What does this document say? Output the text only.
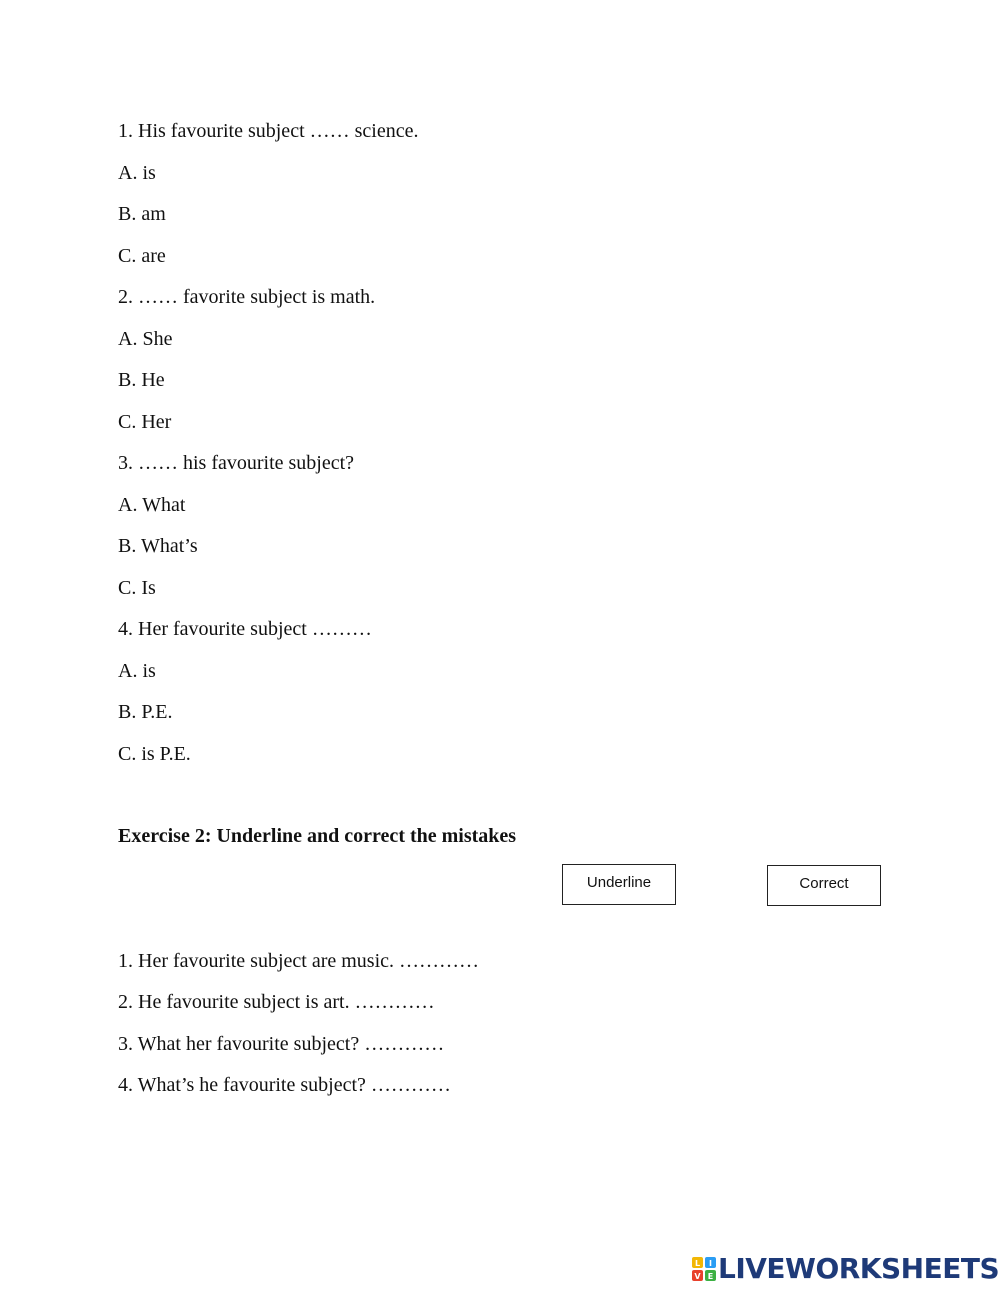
1. His favourite subject …… science.
A. is
B. am
C. are
2. …… favorite subject is math.
A. She
B. He
C. Her
3. …… his favourite subject?
A. What
B. What’s
C. Is
4. Her favourite subject ………
A. is
B. P.E.
C. is P.E.
Exercise 2: Underline and correct the mistakes
Underline	Correct
1. Her favourite subject are music. …………
2. He favourite subject is art. …………
3. What her favourite subject? …………
4. What’s he favourite subject? …………
L I
V E LIVEWORKSHEETS
